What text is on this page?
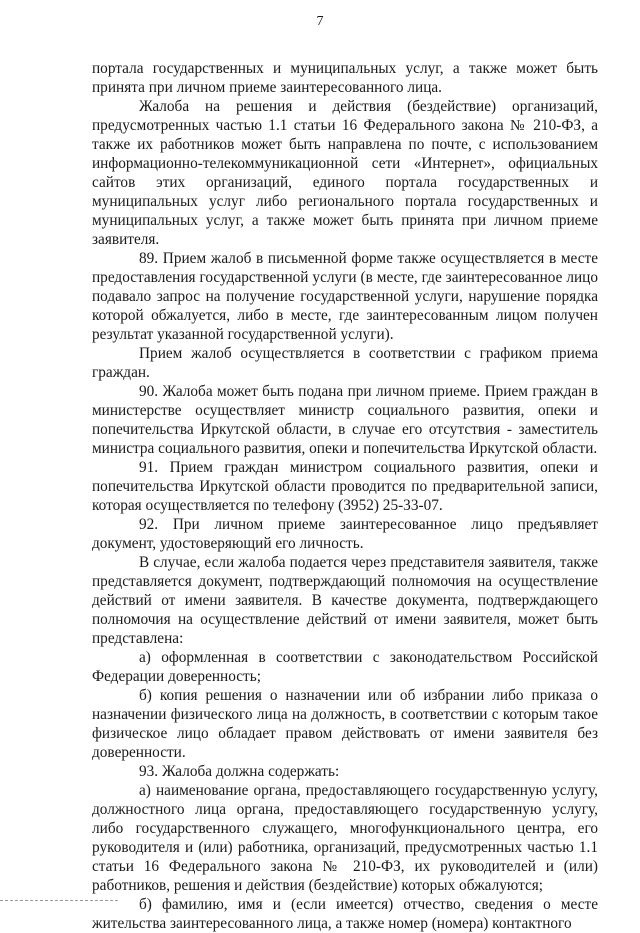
7

портала государственных и муниципальных услуг, а также может быть принята при личном приеме заинтересованного лица.

Жалоба на решения и действия (бездействие) организаций, предусмотренных частью 1.1 статьи 16 Федерального закона № 210-ФЗ, а также их работников может быть направлена по почте, с использованием информационно-телекоммуникационной сети «Интернет», официальных сайтов этих организаций, единого портала государственных и муниципальных услуг либо регионального портала государственных и муниципальных услуг, а также может быть принята при личном приеме заявителя.

89. Прием жалоб в письменной форме также осуществляется в месте предоставления государственной услуги (в месте, где заинтересованное лицо подавало запрос на получение государственной услуги, нарушение порядка которой обжалуется, либо в месте, где заинтересованным лицом получен результат указанной государственной услуги).

Прием жалоб осуществляется в соответствии с графиком приема граждан.

90. Жалоба может быть подана при личном приеме. Прием граждан в министерстве осуществляет министр социального развития, опеки и попечительства Иркутской области, в случае его отсутствия - заместитель министра социального развития, опеки и попечительства Иркутской области.

91. Прием граждан министром социального развития, опеки и попечительства Иркутской области проводится по предварительной записи, которая осуществляется по телефону (3952) 25-33-07.

92. При личном приеме заинтересованное лицо предъявляет документ, удостоверяющий его личность.

В случае, если жалоба подается через представителя заявителя, также представляется документ, подтверждающий полномочия на осуществление действий от имени заявителя. В качестве документа, подтверждающего полномочия на осуществление действий от имени заявителя, может быть представлена:

а) оформленная в соответствии с законодательством Российской Федерации доверенность;

б) копия решения о назначении или об избрании либо приказа о назначении физического лица на должность, в соответствии с которым такое физическое лицо обладает правом действовать от имени заявителя без доверенности.

93. Жалоба должна содержать:

а) наименование органа, предоставляющего государственную услугу, должностного лица органа, предоставляющего государственную услугу, либо государственного служащего, многофункционального центра, его руководителя и (или) работника, организаций, предусмотренных частью 1.1 статьи 16 Федерального закона № 210-ФЗ, их руководителей и (или) работников, решения и действия (бездействие) которых обжалуются;

б) фамилию, имя и (если имеется) отчество, сведения о месте жительства заинтересованного лица, а также номер (номера) контактного
